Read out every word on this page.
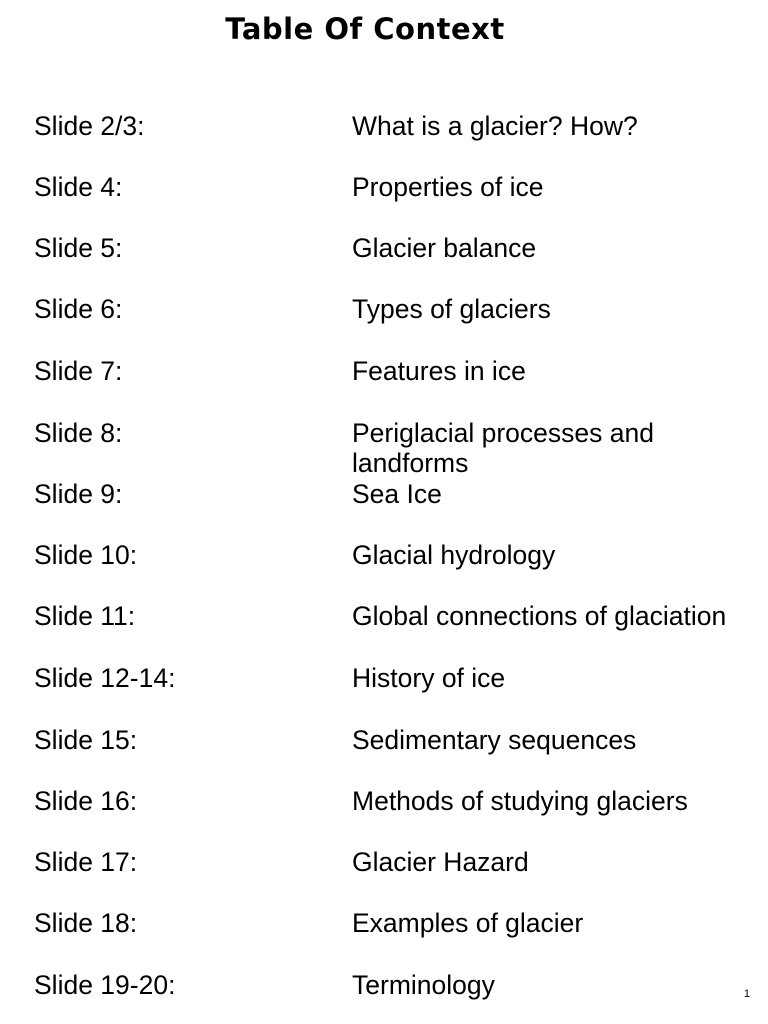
Table Of Context
Slide 2/3:	What is a glacier? How?
Slide 4:	Properties of ice
Slide 5:	Glacier balance
Slide 6:	Types of glaciers
Slide 7:	Features in ice
Slide 8:	Periglacial processes and landforms
Slide 9:	Sea Ice
Slide 10:	Glacial hydrology
Slide 11:	Global connections of glaciation
Slide 12-14:	History of ice
Slide 15:	Sedimentary sequences
Slide 16:	Methods of studying glaciers
Slide 17:	Glacier Hazard
Slide 18:	Examples of glacier
Slide 19-20:	Terminology	1
